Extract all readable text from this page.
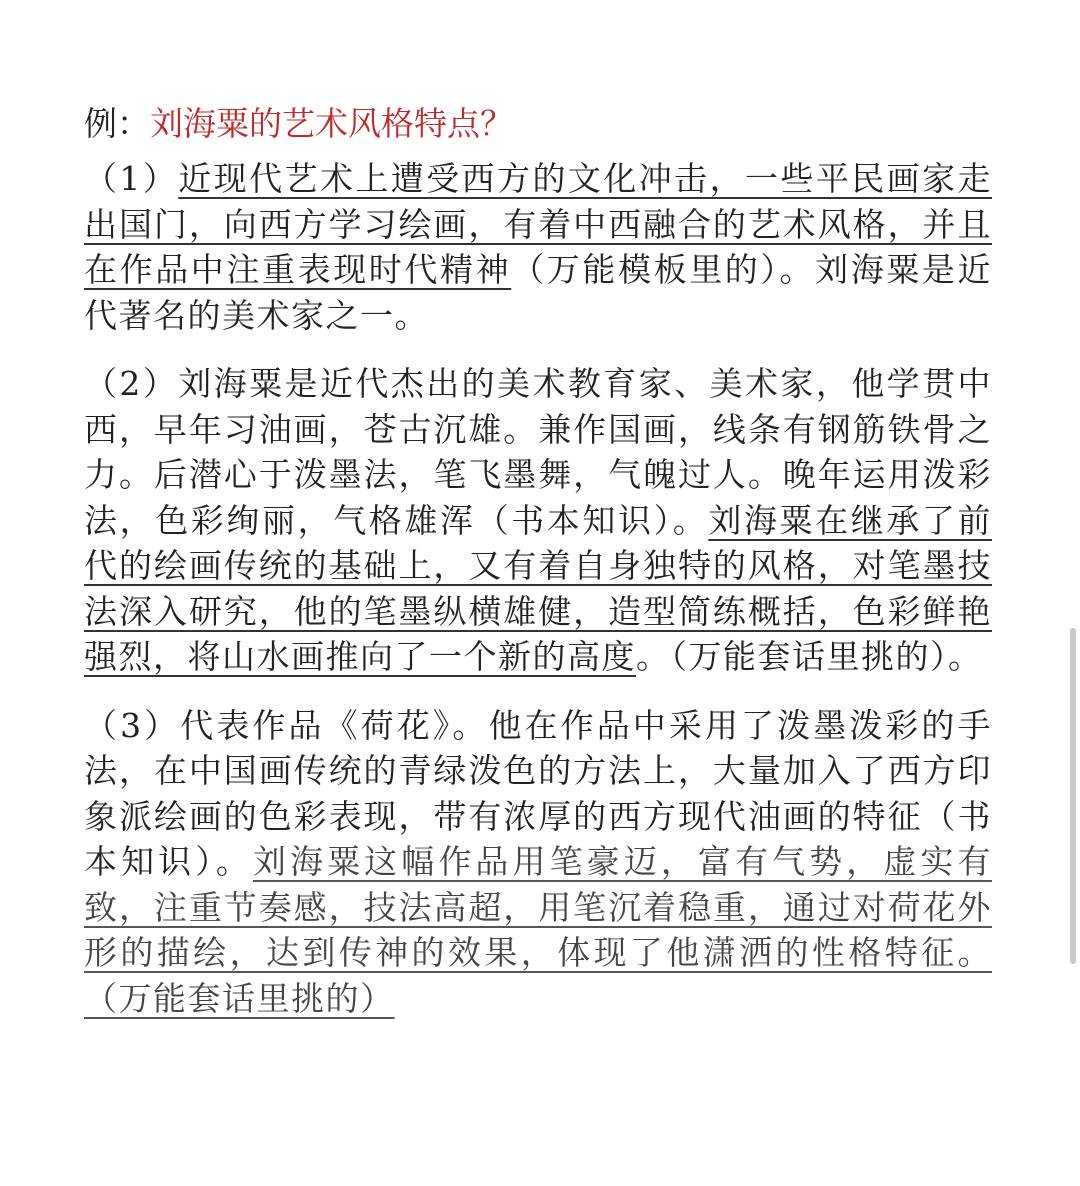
例：刘海粟的艺术风格特点？

（1）近现代艺术上遭受西方的文化冲击，一些平民画家走出国门，向西方学习绘画，有着中西融合的艺术风格，并且 在作品中注重表现时代精神（万能模板里的）。刘海粟是近代著名的美术家之一。

（2）刘海粟是近代杰出的美术教育家、美术家，他学贯中西，早年习油画，苍古沉雄。兼作国画，线条有钢筋铁骨之力。后潜心于泼墨法，笔飞墨舞，气魄过人。晚年运用泼彩法，色彩绚丽，气格雄浑（书本知识）。刘海粟在继承了前代的绘画传统的基础上，又有着自身独特的风格，对笔墨技法深入研究，他的笔墨纵横雄健，造型简练概括，色彩鲜艳强烈，将山水画推向了一个新的高度。（万能套话里挑的）。

（3）代表作品《荷花》。他在作品中采用了泼墨泼彩的手法，在中国画传统的青绿泼色的方法上，大量加入了西方印象派绘画的色彩表现，带有浓厚的西方现代油画的特征（书本知识）。刘海粟这幅作品用笔豪迈，富有气势，虚实有致，注重节奏感，技法高超，用笔沉着稳重，通过对荷花外形的描绘，达到传神的效果，体现了他潇洒的性格特征。（万能套话里挑的）
